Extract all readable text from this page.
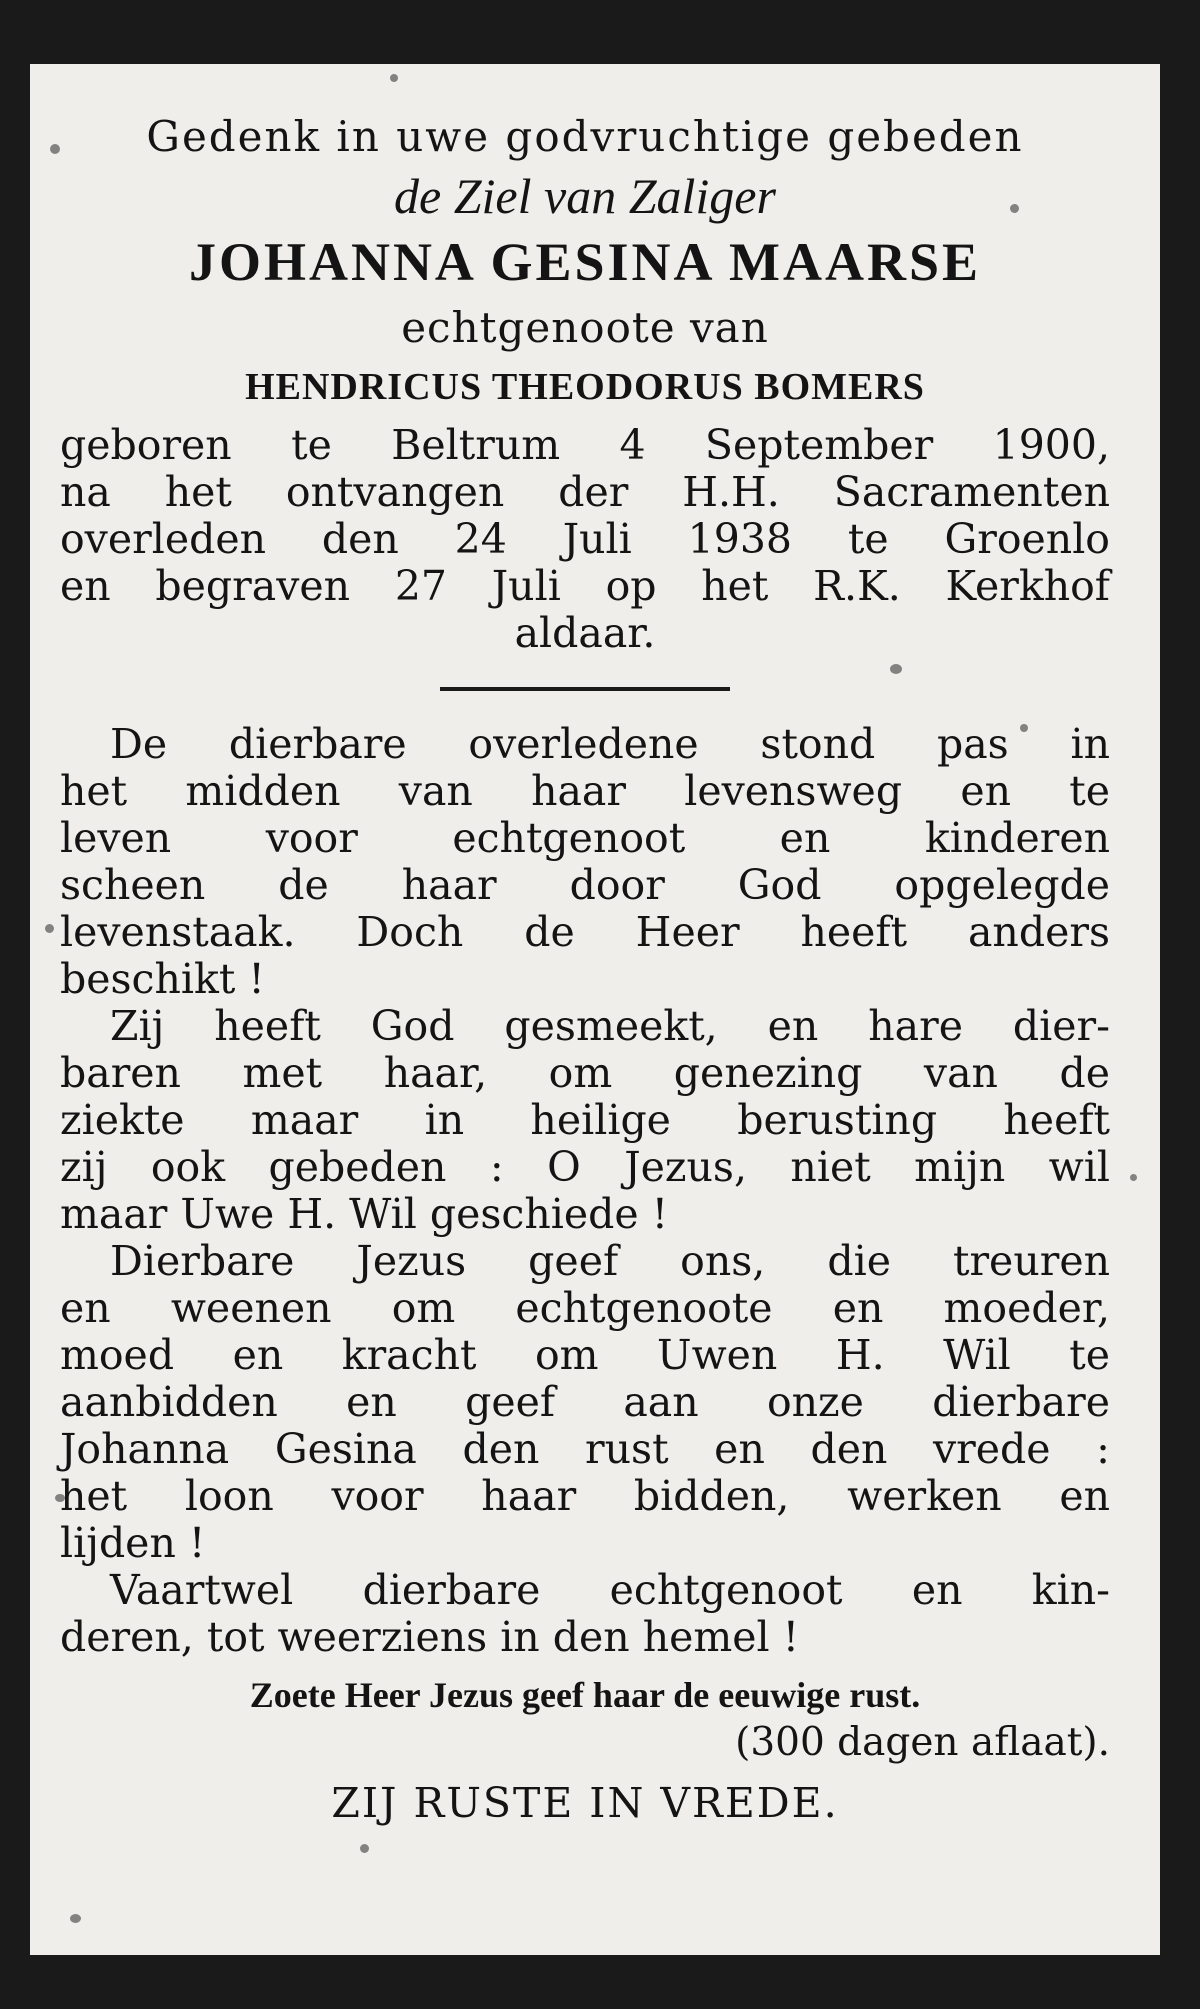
Gedenk in uwe godvruchtige gebeden
de Ziel van Zaliger
JOHANNA GESINA MAARSE
echtgenoote van
HENDRICUS THEODORUS BOMERS
geboren te Beltrum 4 September 1900,
na het ontvangen der H.H. Sacramenten
overleden den 24 Juli 1938 te Groenlo
en begraven 27 Juli op het R.K. Kerkhof
aldaar.
De dierbare overledene stond pas in
het midden van haar levensweg en te
leven voor echtgenoot en kinderen
scheen de haar door God opgelegde
levenstaak. Doch de Heer heeft anders
beschikt !
Zij heeft God gesmeekt, en hare dier-
baren met haar, om genezing van de
ziekte maar in heilige berusting heeft
zij ook gebeden : O Jezus, niet mijn wil
maar Uwe H. Wil geschiede !
Dierbare Jezus geef ons, die treuren
en weenen om echtgenoote en moeder,
moed en kracht om Uwen H. Wil te
aanbidden en geef aan onze dierbare
Johanna Gesina den rust en den vrede :
het loon voor haar bidden, werken en
lijden !
Vaartwel dierbare echtgenoot en kin-
deren, tot weerziens in den hemel !
Zoete Heer Jezus geef haar de eeuwige rust.
(300 dagen aflaat).
ZIJ RUSTE IN VREDE.
